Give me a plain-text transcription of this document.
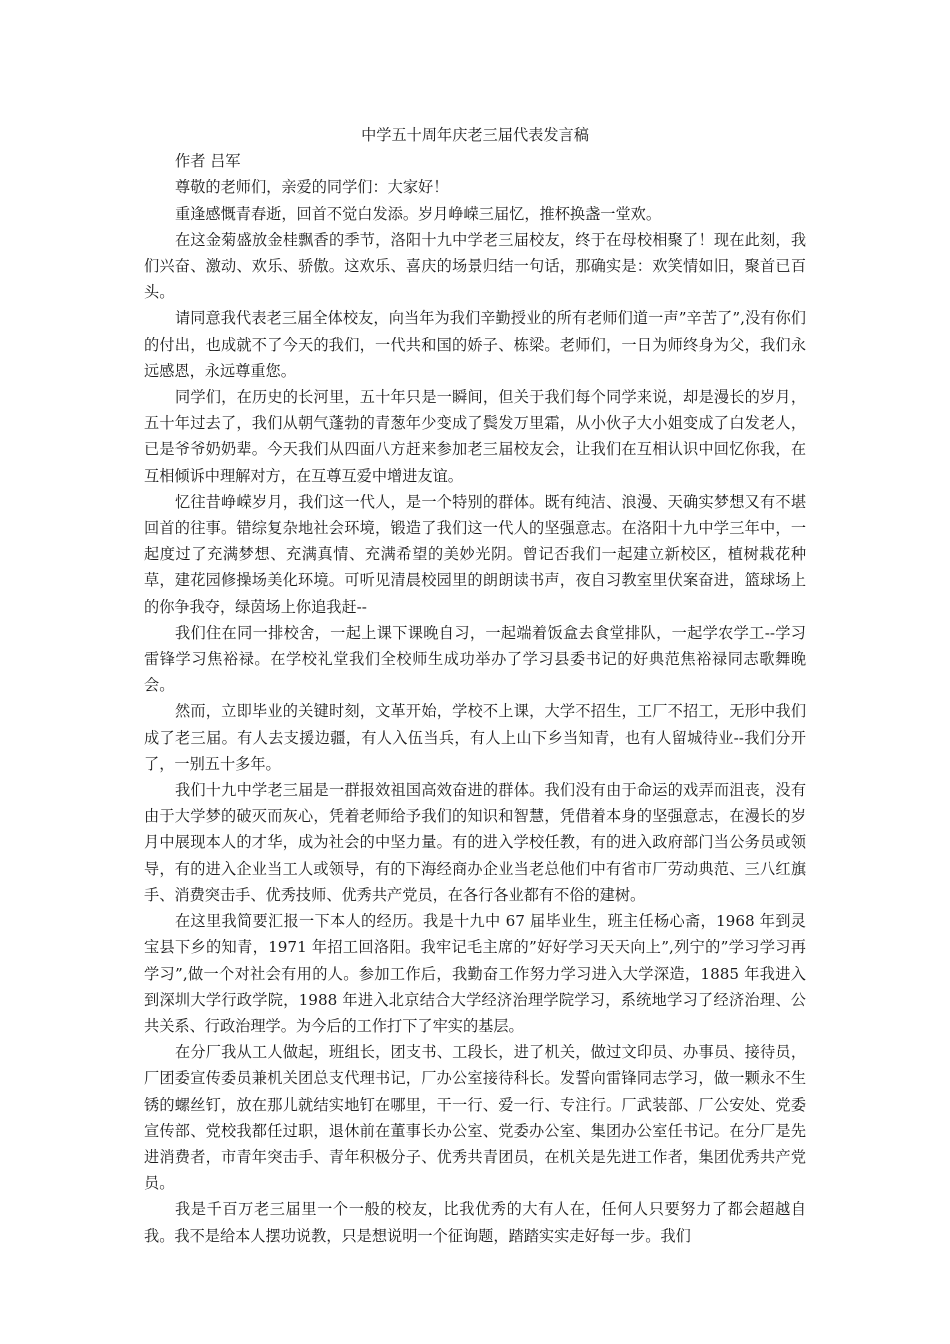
中学五十周年庆老三届代表发言稿

作者 吕军

尊敬的老师们，亲爱的同学们：大家好！

重逢感慨青春逝，回首不觉白发添。岁月峥嵘三届忆，推杯换盏一堂欢。

在这金菊盛放金桂飘香的季节，洛阳十九中学老三届校友，终于在母校相聚了！现在此刻，我们兴奋、激动、欢乐、骄傲。这欢乐、喜庆的场景归结一句话，那确实是：欢笑情如旧，聚首已百头。

请同意我代表老三届全体校友，向当年为我们辛勤授业的所有老师们道一声”辛苦了”,没有你们的付出，也成就不了今天的我们，一代共和国的娇子、栋梁。老师们，一日为师终身为父，我们永远感恩，永远尊重您。

同学们，在历史的长河里，五十年只是一瞬间，但关于我们每个同学来说，却是漫长的岁月，五十年过去了，我们从朝气蓬勃的青葱年少变成了鬓发万里霜，从小伙子大小姐变成了白发老人，已是爷爷奶奶辈。今天我们从四面八方赶来参加老三届校友会，让我们在互相认识中回忆你我，在互相倾诉中理解对方，在互尊互爱中增进友谊。

忆往昔峥嵘岁月，我们这一代人，是一个特别的群体。既有纯洁、浪漫、天确实梦想又有不堪回首的往事。错综复杂地社会环境，锻造了我们这一代人的坚强意志。在洛阳十九中学三年中，一起度过了充满梦想、充满真情、充满希望的美妙光阴。曾记否我们一起建立新校区，植树栽花种草，建花园修操场美化环境。可听见清晨校园里的朗朗读书声，夜自习教室里伏案奋进，篮球场上的你争我夺，绿茵场上你追我赶--

我们住在同一排校舍，一起上课下课晚自习，一起端着饭盒去食堂排队，一起学农学工--学习雷锋学习焦裕禄。在学校礼堂我们全校师生成功举办了学习县委书记的好典范焦裕禄同志歌舞晚会。

然而，立即毕业的关键时刻，文革开始，学校不上课，大学不招生，工厂不招工，无形中我们成了老三届。有人去支援边疆，有人入伍当兵，有人上山下乡当知青，也有人留城待业--我们分开了，一别五十多年。

我们十九中学老三届是一群报效祖国高效奋进的群体。我们没有由于命运的戏弄而沮丧，没有由于大学梦的破灭而灰心，凭着老师给予我们的知识和智慧，凭借着本身的坚强意志，在漫长的岁月中展现本人的才华，成为社会的中坚力量。有的进入学校任教，有的进入政府部门当公务员或领导，有的进入企业当工人或领导，有的下海经商办企业当老总他们中有省市厂劳动典范、三八红旗手、消费突击手、优秀技师、优秀共产党员，在各行各业都有不俗的建树。

在这里我简要汇报一下本人的经历。我是十九中 67 届毕业生，班主任杨心斋，1968 年到灵宝县下乡的知青，1971 年招工回洛阳。我牢记毛主席的”好好学习天天向上”,列宁的”学习学习再学习”,做一个对社会有用的人。参加工作后，我勤奋工作努力学习进入大学深造，1885 年我进入到深圳大学行政学院，1988 年进入北京结合大学经济治理学院学习，系统地学习了经济治理、公共关系、行政治理学。为今后的工作打下了牢实的基层。

在分厂我从工人做起，班组长，团支书、工段长，进了机关，做过文印员、办事员、接待员，厂团委宣传委员兼机关团总支代理书记，厂办公室接待科长。发誓向雷锋同志学习，做一颗永不生锈的螺丝钉，放在那儿就结实地钉在哪里，干一行、爱一行、专注行。厂武装部、厂公安处、党委宣传部、党校我都任过职，退休前在董事长办公室、党委办公室、集团办公室任书记。在分厂是先进消费者，市青年突击手、青年积极分子、优秀共青团员，在机关是先进工作者，集团优秀共产党员。

我是千百万老三届里一个一般的校友，比我优秀的大有人在，任何人只要努力了都会超越自我。我不是给本人摆功说教，只是想说明一个征询题，踏踏实实走好每一步。我们
